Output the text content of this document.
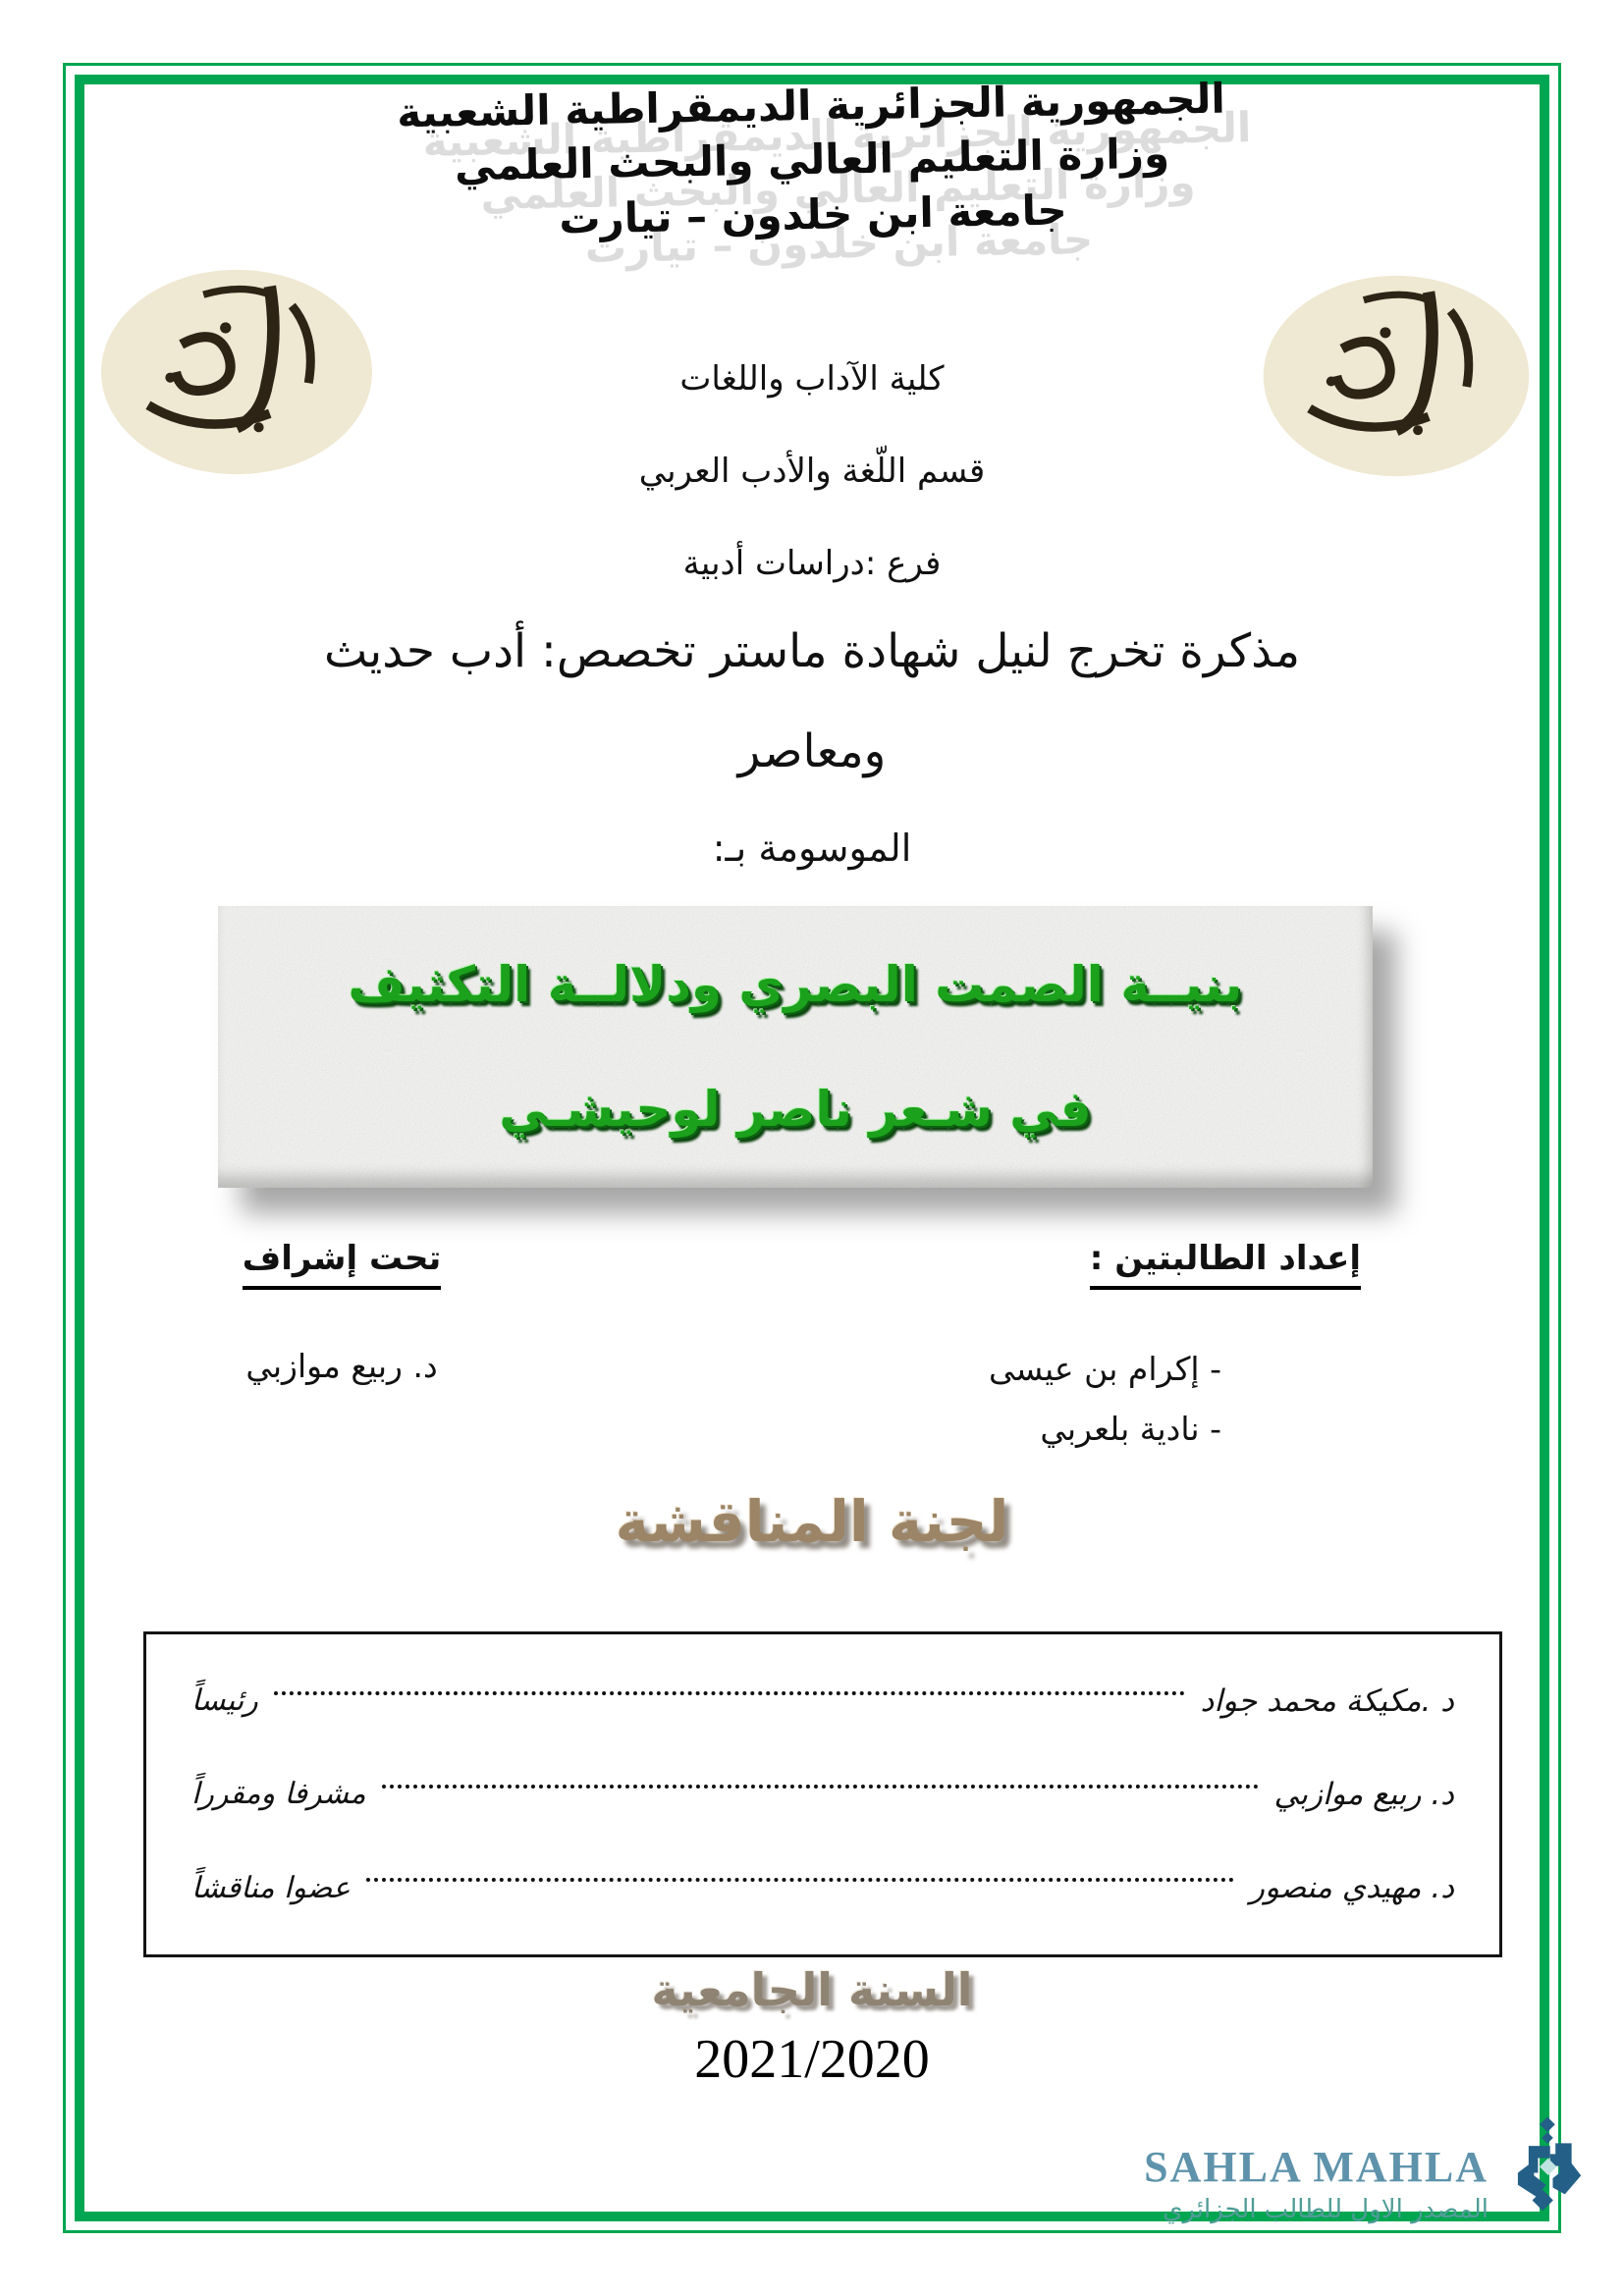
الجمهورية الجزائرية الديمقراطية الشعبية
وزارة التعليم العالي والبحث العلمي
جامعة ابن خلدون – تيارت
كلية الآداب واللغات
قسم اللّغة والأدب العربي
فرع :دراسات أدبية
مذكرة تخرج لنيل شهادة ماستر تخصص: أدب حديث
ومعاصر
الموسومة بـ:
بنيــة الصمت البصري ودلالــة التكثيف
في شـعر ناصر لوحيشـي
إعداد الطالبتين :
- إكرام بن عيسى
- نادية بلعربي
تحت إشراف
د. ربيع موازبي
لجنة المناقشة
د .مكيكة محمد جواد
رئيساً
د. ربيع موازبي
مشرفا ومقرراً
د. مهيدي منصور
عضوا مناقشاً
السنة الجامعية
2021/2020
SAHLA MAHLA
المصدر الاول للطالب الجزائري
